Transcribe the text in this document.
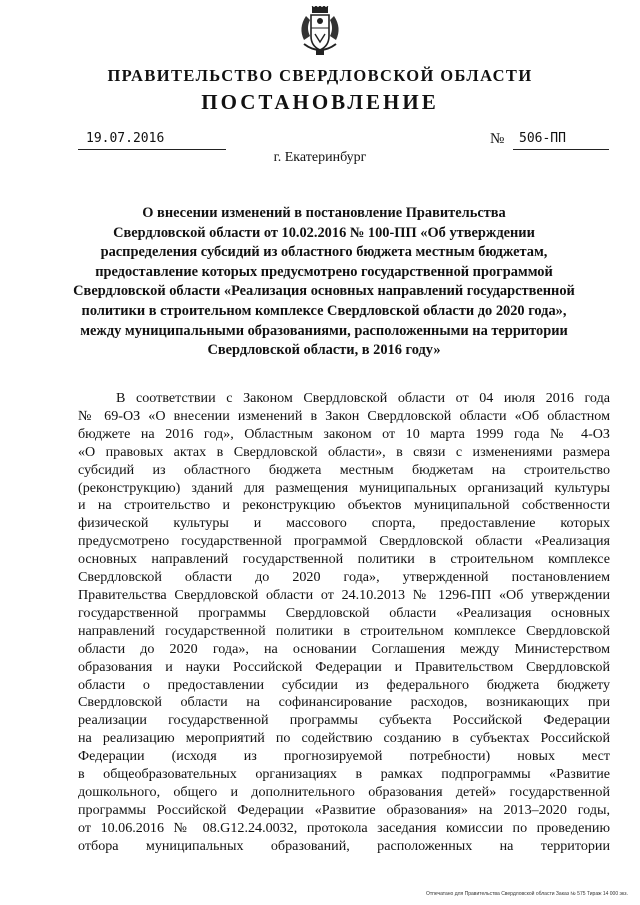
ПРАВИТЕЛЬСТВО СВЕРДЛОВСКОЙ ОБЛАСТИ
ПОСТАНОВЛЕНИЕ
19.07.2016	№	506-ПП
г. Екатеринбург
О внесении изменений в постановление Правительства
Свердловской области от 10.02.2016 № 100-ПП «Об утверждении
распределения субсидий из областного бюджета местным бюджетам,
предоставление которых предусмотрено государственной программой
Свердловской области «Реализация основных направлений государственной
политики в строительном комплексе Свердловской области до 2020 года»,
между муниципальными образованиями, расположенными на территории
Свердловской области, в 2016 году»
В соответствии с Законом Свердловской области от 04 июля 2016 года
№ 69-ОЗ «О внесении изменений в Закон Свердловской области «Об областном
бюджете на 2016 год», Областным законом от 10 марта 1999 года № 4-ОЗ
«О правовых актах в Свердловской области», в связи с изменениями размера
субсидий из областного бюджета местным бюджетам на строительство
(реконструкцию) зданий для размещения муниципальных организаций культуры
и на строительство и реконструкцию объектов муниципальной собственности
физической культуры и массового спорта, предоставление которых
предусмотрено государственной программой Свердловской области «Реализация
основных направлений государственной политики в строительном комплексе
Свердловской области до 2020 года», утвержденной постановлением
Правительства Свердловской области от 24.10.2013 № 1296-ПП «Об утверждении
государственной программы Свердловской области «Реализация основных
направлений государственной политики в строительном комплексе Свердловской
области до 2020 года», на основании Соглашения между Министерством
образования и науки Российской Федерации и Правительством Свердловской
области о предоставлении субсидии из федерального бюджета бюджету
Свердловской области на софинансирование расходов, возникающих при
реализации государственной программы субъекта Российской Федерации
на реализацию мероприятий по содействию созданию в субъектах Российской
Федерации (исходя из прогнозируемой потребности) новых мест
в общеобразовательных организациях в рамках подпрограммы «Развитие
дошкольного, общего и дополнительного образования детей» государственной
программы Российской Федерации «Развитие образования» на 2013–2020 годы,
от 10.06.2016 № 08.G12.24.0032, протокола заседания комиссии по проведению
отбора муниципальных образований, расположенных на территории
Отпечатано для Правительства Свердловской области Заказ № 575 Тираж 14 000 экз.
